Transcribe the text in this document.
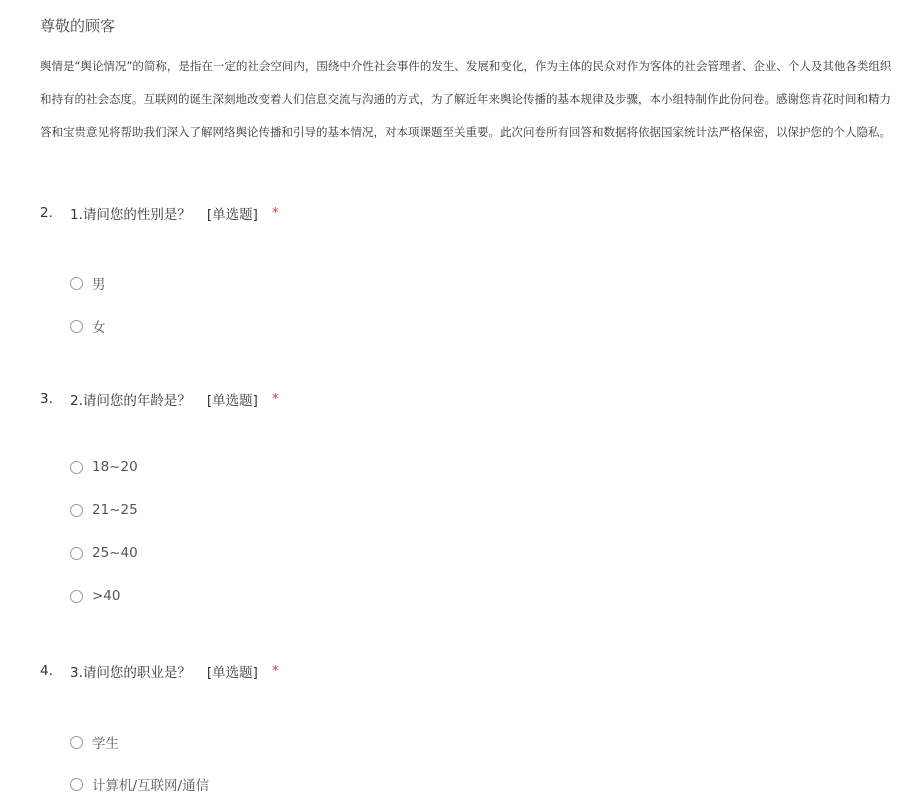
尊敬的顾客
舆情是“舆论情况”的简称，是指在一定的社会空间内，围绕中介性社会事件的发生、发展和变化，作为主体的民众对作为客体的社会管理者、企业、个人及其他各类组织
和持有的社会态度。互联网的诞生深刻地改变着人们信息交流与沟通的方式，为了解近年来舆论传播的基本规律及步骤，本小组特制作此份问卷。感谢您肯花时间和精力
答和宝贵意见将帮助我们深入了解网络舆论传播和引导的基本情况，对本项课题至关重要。此次问卷所有回答和数据将依据国家统计法严格保密，以保护您的个人隐私。
2.	1.请问您的性别是？ [单选题] *
男
女
3.	2.请问您的年龄是？ [单选题] *
18~20
21~25
25~40
>40
4.	3.请问您的职业是？ [单选题] *
学生
计算机/互联网/通信
